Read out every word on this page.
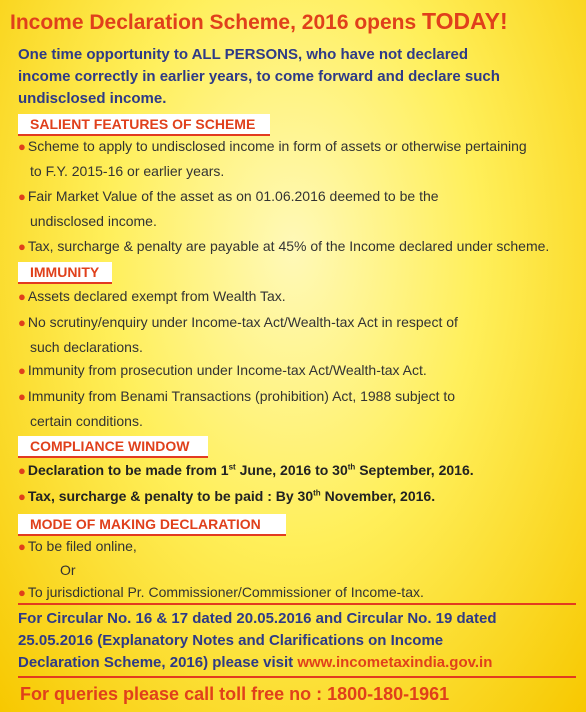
Income Declaration Scheme, 2016 opens TODAY!
One time opportunity to ALL PERSONS, who have not declared
income correctly in earlier years, to come forward and declare such
undisclosed income.
SALIENT FEATURES OF SCHEME
● Scheme to apply to undisclosed income in form of assets or otherwise pertaining
to F.Y. 2015-16 or earlier years.
● Fair Market Value of the asset as on 01.06.2016 deemed to be the
undisclosed income.
● Tax, surcharge & penalty are payable at 45% of the Income declared under scheme.
IMMUNITY
● Assets declared exempt from Wealth Tax.
● No scrutiny/enquiry under Income-tax Act/Wealth-tax Act in respect of
such declarations.
● Immunity from prosecution under Income-tax Act/Wealth-tax Act.
● Immunity from Benami Transactions (prohibition) Act, 1988 subject to
certain conditions.
COMPLIANCE WINDOW
● Declaration to be made from 1st June, 2016 to 30th September, 2016.
● Tax, surcharge & penalty to be paid : By 30th November, 2016.
MODE OF MAKING DECLARATION
● To be filed online,
Or
● To jurisdictional Pr. Commissioner/Commissioner of Income-tax.
For Circular No. 16 & 17 dated 20.05.2016 and Circular No. 19 dated
25.05.2016 (Explanatory Notes and Clarifications on Income
Declaration Scheme, 2016) please visit www.incometaxindia.gov.in
For queries please call toll free no : 1800-180-1961
